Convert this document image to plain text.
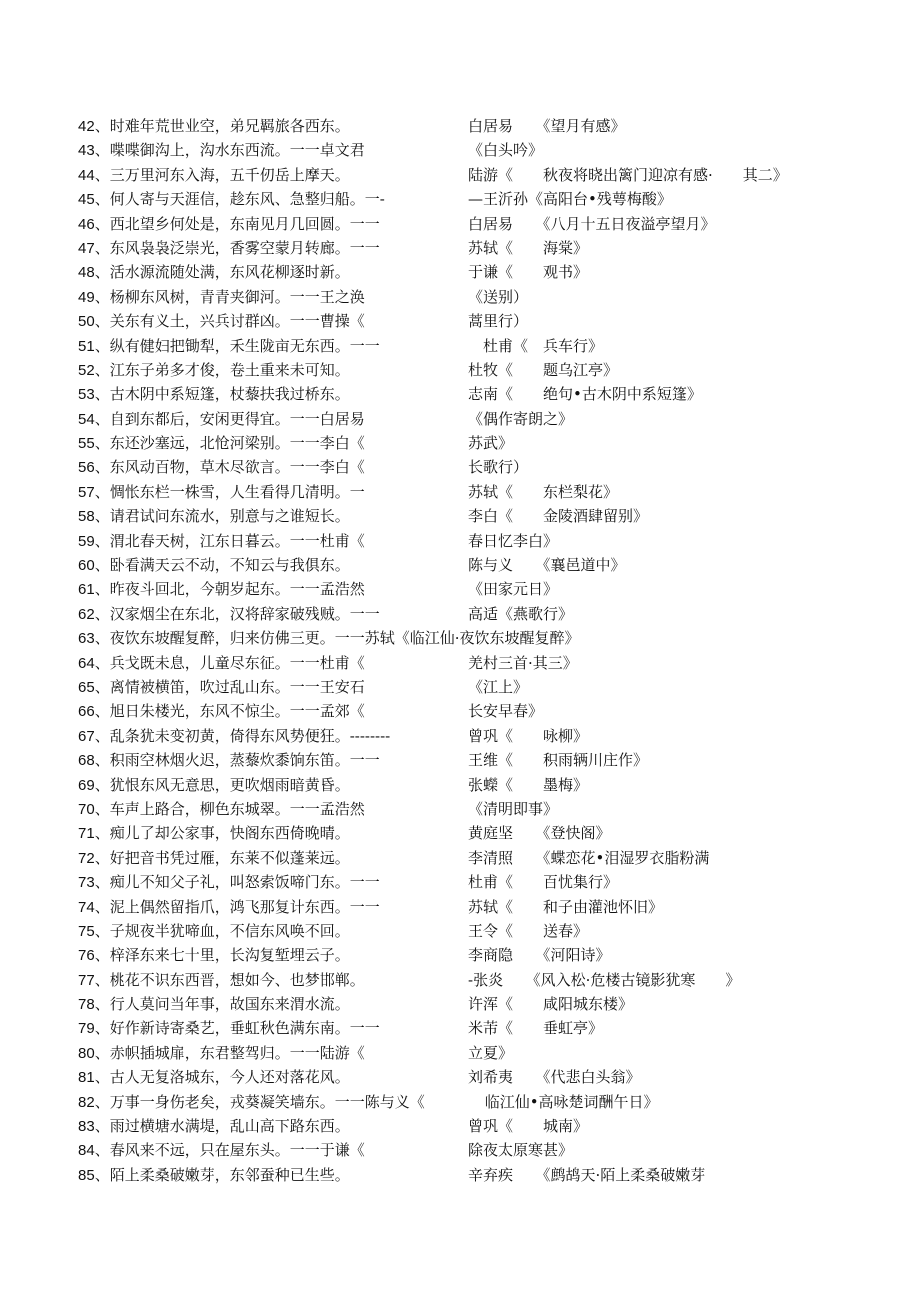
42、时难年荒世业空，弟兄羁旅各西东。	白居易　　《望月有感》
43、喋喋御沟上，沟水东西流。一一卓文君	《白头吟》
44、三万里河东入海，五千仞岳上摩天。	陆游《　　秋夜将晓出篱门迎凉有感·　　其二》
45、何人寄与天涯信，趁东风、急整归船。一-	—王沂孙《高阳台•残萼梅酸》
46、西北望乡何处是，东南见月几回圆。一一	白居易　　《八月十五日夜溢亭望月》
47、东风袅袅泛崇光，香雾空蒙月转廊。一一	苏轼《　　海棠》
48、活水源流随处满，东风花柳逐时新。	于谦《　　观书》
49、杨柳东风树，青青夹御河。一一王之涣	《送别）
50、关东有义土，兴兵讨群凶。一一曹操《	蒿里行）
51、纵有健妇把锄犁，禾生陇亩无东西。一一	　杜甫《　兵车行》
52、江东子弟多才俊，卷土重来未可知。	杜牧《　　题乌江亭》
53、古木阴中系短篷，杖藜扶我过桥东。	志南《　　绝句•古木阴中系短篷》
54、自到东都后，安闲更得宜。一一白居易	《偶作寄朗之》
55、东还沙塞远，北怆河梁别。一一李白《	苏武》
56、东风动百物，草木尽欲言。一一李白《	长歌行）
57、惆怅东栏一株雪，人生看得几清明。一	苏轼《　　东栏梨花》
58、请君试问东流水，别意与之谁短长。	李白《　　金陵酒肆留别》
59、渭北春天树，江东日暮云。一一杜甫《	春日忆李白》
60、卧看满天云不动，不知云与我俱东。	陈与义　　《襄邑道中》
61、昨夜斗回北，今朝岁起东。一一孟浩然	《田家元日》
62、汉家烟尘在东北，汉将辞家破残贼。一一	高适《燕歌行》
63、夜饮东坡醒复醉，归来仿佛三更。一一苏轼《临江仙·夜饮东坡醒复醉》
64、兵戈既未息，儿童尽东征。一一杜甫《	羌村三首·其三》
65、离情被横笛，吹过乱山东。一一王安石	《江上》
66、旭日朱楼光，东风不惊尘。一一孟郊《	长安早春》
67、乱条犹未变初黄，倚得东风势便狂。--------	曾巩《　　咏柳》
68、积雨空林烟火迟，蒸藜炊黍饷东笛。一一	王维《　　积雨辆川庄作》
69、犹恨东风无意思，更吹烟雨暗黄昏。	张蠑《　　墨梅》
70、车声上路合，柳色东城翠。一一孟浩然	《清明即事》
71、痴儿了却公家事，快阁东西倚晚晴。	黄庭坚　　《登快阁》
72、好把音书凭过雁，东莱不似蓬莱远。	李清照　　《蝶恋花•泪湿罗衣脂粉满
73、痴儿不知父子礼，叫怒索饭啼门东。一一	杜甫《　　百忧集行》
74、泥上偶然留指爪，鸿飞那复计东西。一一	苏轼《　　和子由灌池怀旧》
75、子规夜半犹啼血，不信东风唤不回。	王令《　　送春》
76、梓泽东来七十里，长沟复堑埋云子。	李商隐　　《河阳诗》
77、桃花不识东西晋，想如今、也梦邯郸。	-张炎　　《风入松·危楼古镜影犹寒　　》
78、行人莫问当年事，故国东来渭水流。	许浑《　　咸阳城东楼》
79、好作新诗寄桑艺，垂虹秋色满东南。一一	米芾《　　垂虹亭》
80、赤帜插城扉，东君整驾归。一一陆游《	立夏》
81、古人无复洛城东，今人还对落花风。	刘希夷　　《代悲白头翁》
82、万事一身伤老矣，戎葵凝笑墙东。一一陈与义《　　　　临江仙•高咏楚词酬午日》
83、雨过横塘水满堤，乱山高下路东西。	曾巩《　　城南》
84、春风来不远，只在屋东头。一一于谦《	除夜太原寒甚》
85、陌上柔桑破嫩芽，东邻蚕种已生些。	辛弃疾　　《鹧鸪天·陌上柔桑破嫩芽
